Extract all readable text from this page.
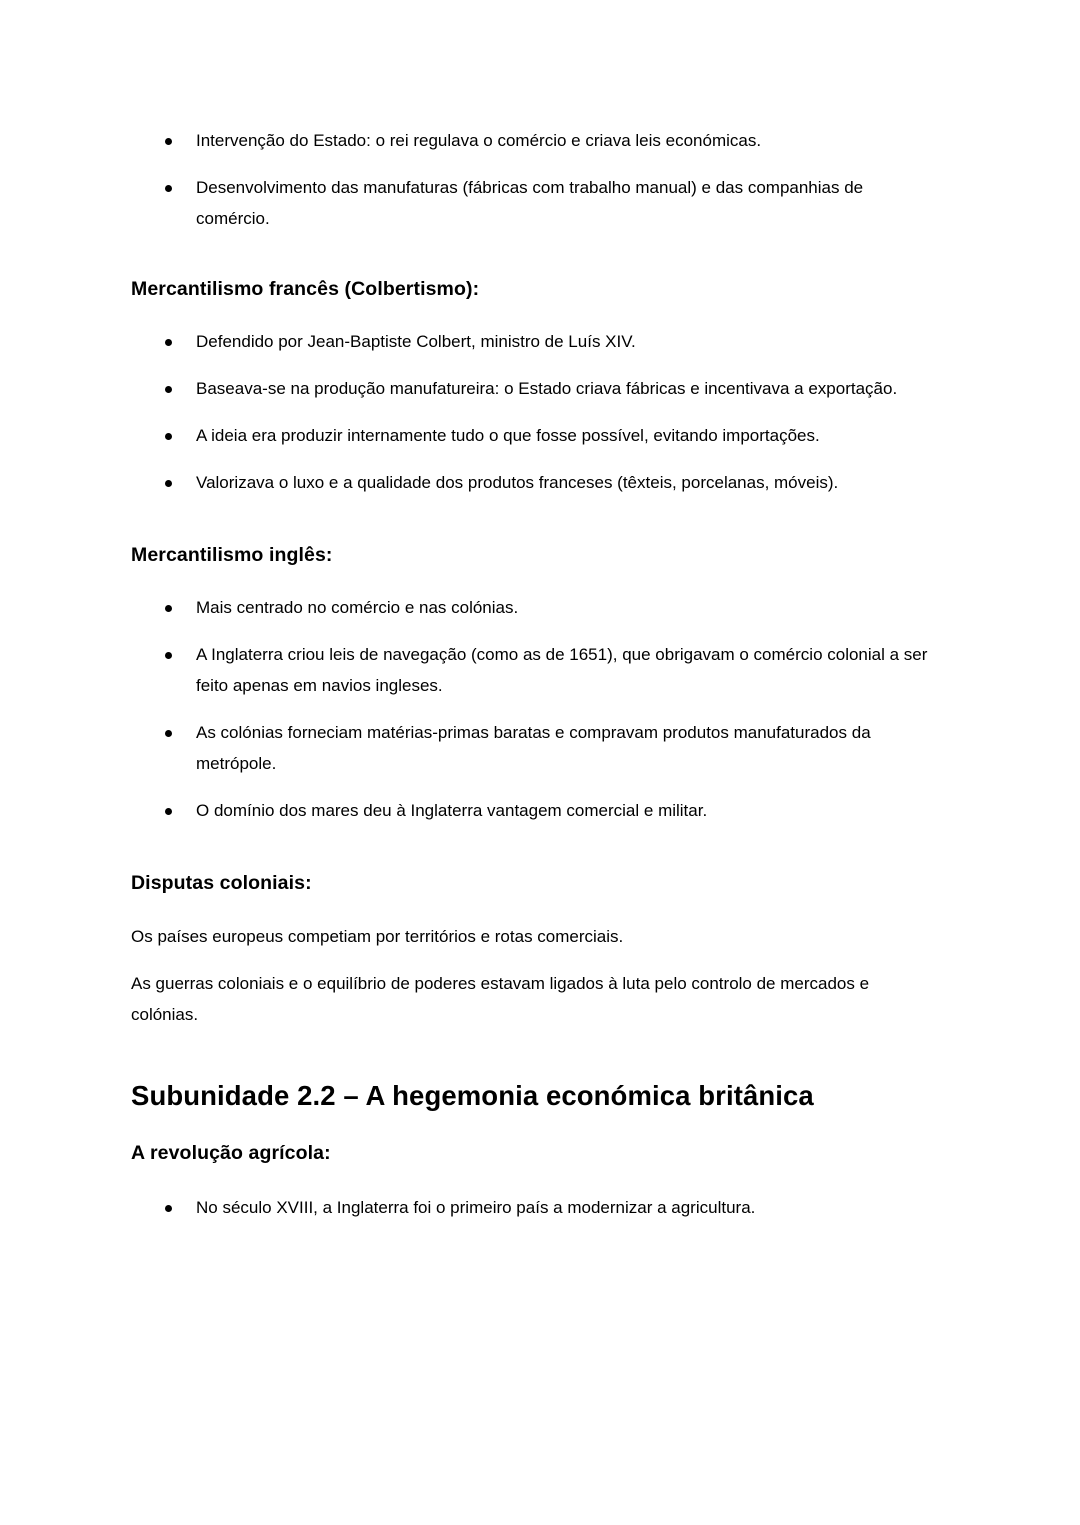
Intervenção do Estado: o rei regulava o comércio e criava leis económicas.
Desenvolvimento das manufaturas (fábricas com trabalho manual) e das companhias de comércio.
Mercantilismo francês (Colbertismo):
Defendido por Jean-Baptiste Colbert, ministro de Luís XIV.
Baseava-se na produção manufatureira: o Estado criava fábricas e incentivava a exportação.
A ideia era produzir internamente tudo o que fosse possível, evitando importações.
Valorizava o luxo e a qualidade dos produtos franceses (têxteis, porcelanas, móveis).
Mercantilismo inglês:
Mais centrado no comércio e nas colónias.
A Inglaterra criou leis de navegação (como as de 1651), que obrigavam o comércio colonial a ser feito apenas em navios ingleses.
As colónias forneciam matérias-primas baratas e compravam produtos manufaturados da metrópole.
O domínio dos mares deu à Inglaterra vantagem comercial e militar.
Disputas coloniais:

Os países europeus competiam por territórios e rotas comerciais.

As guerras coloniais e o equilíbrio de poderes estavam ligados à luta pelo controlo de mercados e colónias.

Subunidade 2.2 – A hegemonia económica britânica
A revolução agrícola:
No século XVIII, a Inglaterra foi o primeiro país a modernizar a agricultura.
